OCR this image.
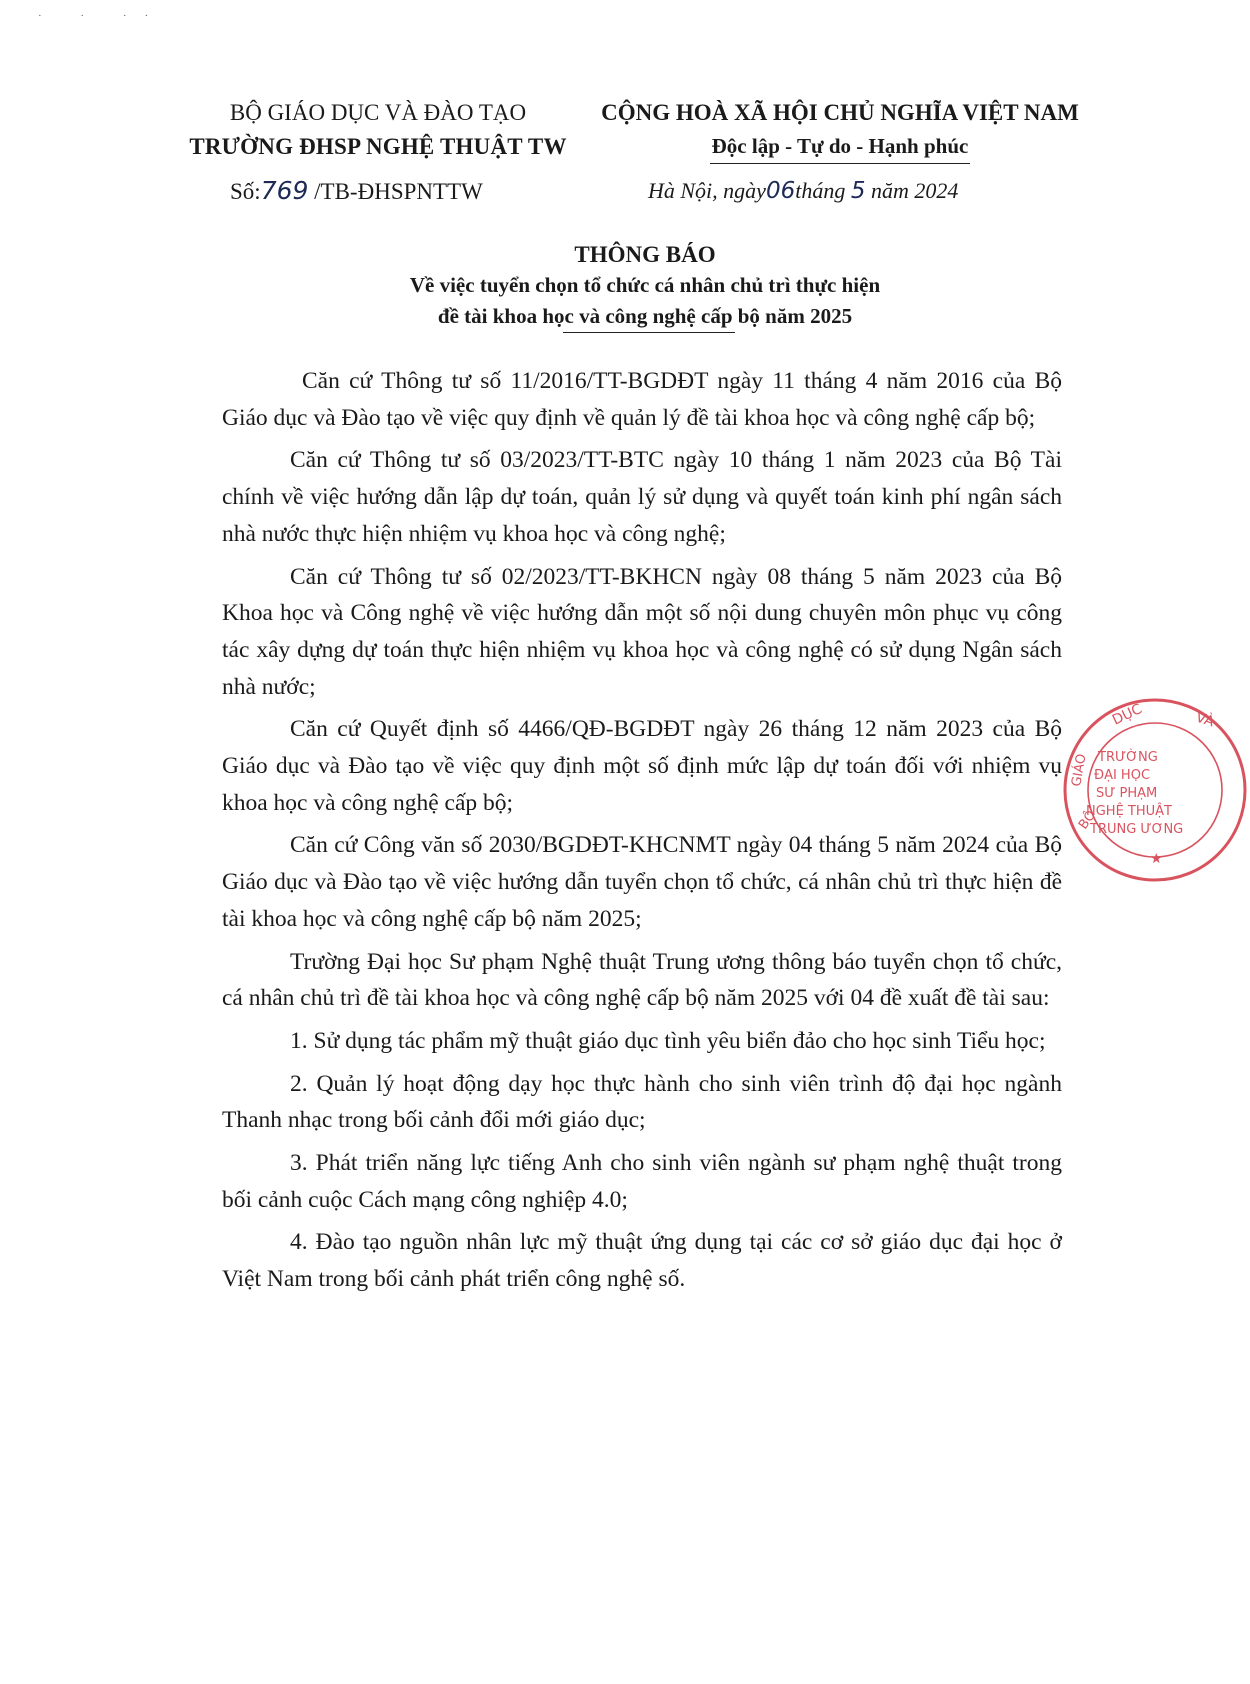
· · ··
BỘ GIÁO DỤC VÀ ĐÀO TẠO
TRƯỜNG ĐHSP NGHỆ THUẬT TW
Số:769 /TB-ĐHSPNTTW
CỘNG HOÀ XÃ HỘI CHỦ NGHĨA VIỆT NAM
Độc lập - Tự do - Hạnh phúc
Hà Nội, ngày06tháng 5 năm 2024
THÔNG BÁO
Về việc tuyển chọn tổ chức cá nhân chủ trì thực hiện
đề tài khoa học và công nghệ cấp bộ năm 2025

Căn cứ Thông tư số 11/2016/TT-BGDĐT ngày 11 tháng 4 năm 2016 của Bộ Giáo dục và Đào tạo về việc quy định về quản lý đề tài khoa học và công nghệ cấp bộ;

Căn cứ Thông tư số 03/2023/TT-BTC ngày 10 tháng 1 năm 2023 của Bộ Tài chính về việc hướng dẫn lập dự toán, quản lý sử dụng và quyết toán kinh phí ngân sách nhà nước thực hiện nhiệm vụ khoa học và công nghệ;

Căn cứ Thông tư số 02/2023/TT-BKHCN ngày 08 tháng 5 năm 2023 của Bộ Khoa học và Công nghệ về việc hướng dẫn một số nội dung chuyên môn phục vụ công tác xây dựng dự toán thực hiện nhiệm vụ khoa học và công nghệ có sử dụng Ngân sách nhà nước;

Căn cứ Quyết định số 4466/QĐ-BGDĐT ngày 26 tháng 12 năm 2023 của Bộ Giáo dục và Đào tạo về việc quy định một số định mức lập dự toán đối với nhiệm vụ khoa học và công nghệ cấp bộ;

Căn cứ Công văn số 2030/BGDĐT-KHCNMT ngày 04 tháng 5 năm 2024 của Bộ Giáo dục và Đào tạo về việc hướng dẫn tuyển chọn tổ chức, cá nhân chủ trì thực hiện đề tài khoa học và công nghệ cấp bộ năm 2025;

Trường Đại học Sư phạm Nghệ thuật Trung ương thông báo tuyển chọn tổ chức, cá nhân chủ trì đề tài khoa học và công nghệ cấp bộ năm 2025 với 04 đề xuất đề tài sau:

1. Sử dụng tác phẩm mỹ thuật giáo dục tình yêu biển đảo cho học sinh Tiểu học;

2. Quản lý hoạt động dạy học thực hành cho sinh viên trình độ đại học ngành Thanh nhạc trong bối cảnh đổi mới giáo dục;

3. Phát triển năng lực tiếng Anh cho sinh viên ngành sư phạm nghệ thuật trong bối cảnh cuộc Cách mạng công nghiệp 4.0;

4. Đào tạo nguồn nhân lực mỹ thuật ứng dụng tại các cơ sở giáo dục đại học ở Việt Nam trong bối cảnh phát triển công nghệ số.

DỤC	VÀ
GIÁO
BỘ
TRƯỜNG
ĐẠI HỌC
SƯ PHẠM
NGHỆ THUẬT
TRUNG ƯƠNG
★
